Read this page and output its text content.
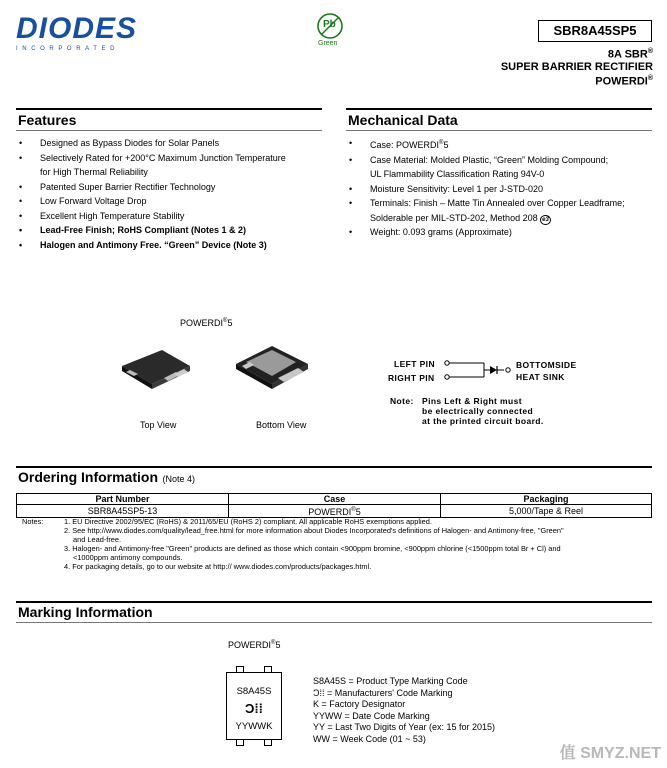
DIODES
INCORPORATED
Pb
Green
SBR8A45SP5
8A SBR®
SUPER BARRIER RECTIFIER
POWERDI®
Features
• Designed as Bypass Diodes for Solar Panels
• Selectively Rated for +200°C Maximum Junction Temperature
for High Thermal Reliability
• Patented Super Barrier Rectifier Technology
• Low Forward Voltage Drop
• Excellent High Temperature Stability
• Lead-Free Finish; RoHS Compliant (Notes 1 & 2)
• Halogen and Antimony Free. “Green” Device (Note 3)
Mechanical Data
• Case: POWERDI®5
• Case Material: Molded Plastic, “Green” Molding Compound;
UL Flammability Classification Rating 94V-0
• Moisture Sensitivity: Level 1 per J-STD-020
• Terminals: Finish – Matte Tin Annealed over Copper Leadframe;
Solderable per MIL-STD-202, Method 208 e3
• Weight: 0.093 grams (Approximate)
POWERDI®5
Top View	Bottom View
LEFT PIN
RIGHT PIN
BOTTOMSIDE
HEAT SINK
Note: Pins Left & Right must
be electrically connected
at the printed circuit board.
Ordering Information (Note 4)
Part Number	Case	Packaging
SBR8A45SP5-13	POWERDI®5	5,000/Tape & Reel
Notes:	1. EU Directive 2002/95/EC (RoHS) & 2011/65/EU (RoHS 2) compliant. All applicable RoHS exemptions applied.
2. See http://www.diodes.com/quality/lead_free.html for more information about Diodes Incorporated's definitions of Halogen- and Antimony-free, "Green"
and Lead-free.
3. Halogen- and Antimony-free "Green" products are defined as those which contain <900ppm bromine, <900ppm chlorine (<1500ppm total Br + Cl) and
<1000ppm antimony compounds.
4. For packaging details, go to our website at http:// www.diodes.com/products/packages.html.
Marking Information
POWERDI®5
S8A45S
Ɔ⁞⁞
YYWWK
S8A45S = Product Type Marking Code
Ɔ⁞⁞ = Manufacturers' Code Marking
K = Factory Designator
YYWW = Date Code Marking
YY = Last Two Digits of Year (ex: 15 for 2015)
WW = Week Code (01 ~ 53)
值 SMYZ.NET
